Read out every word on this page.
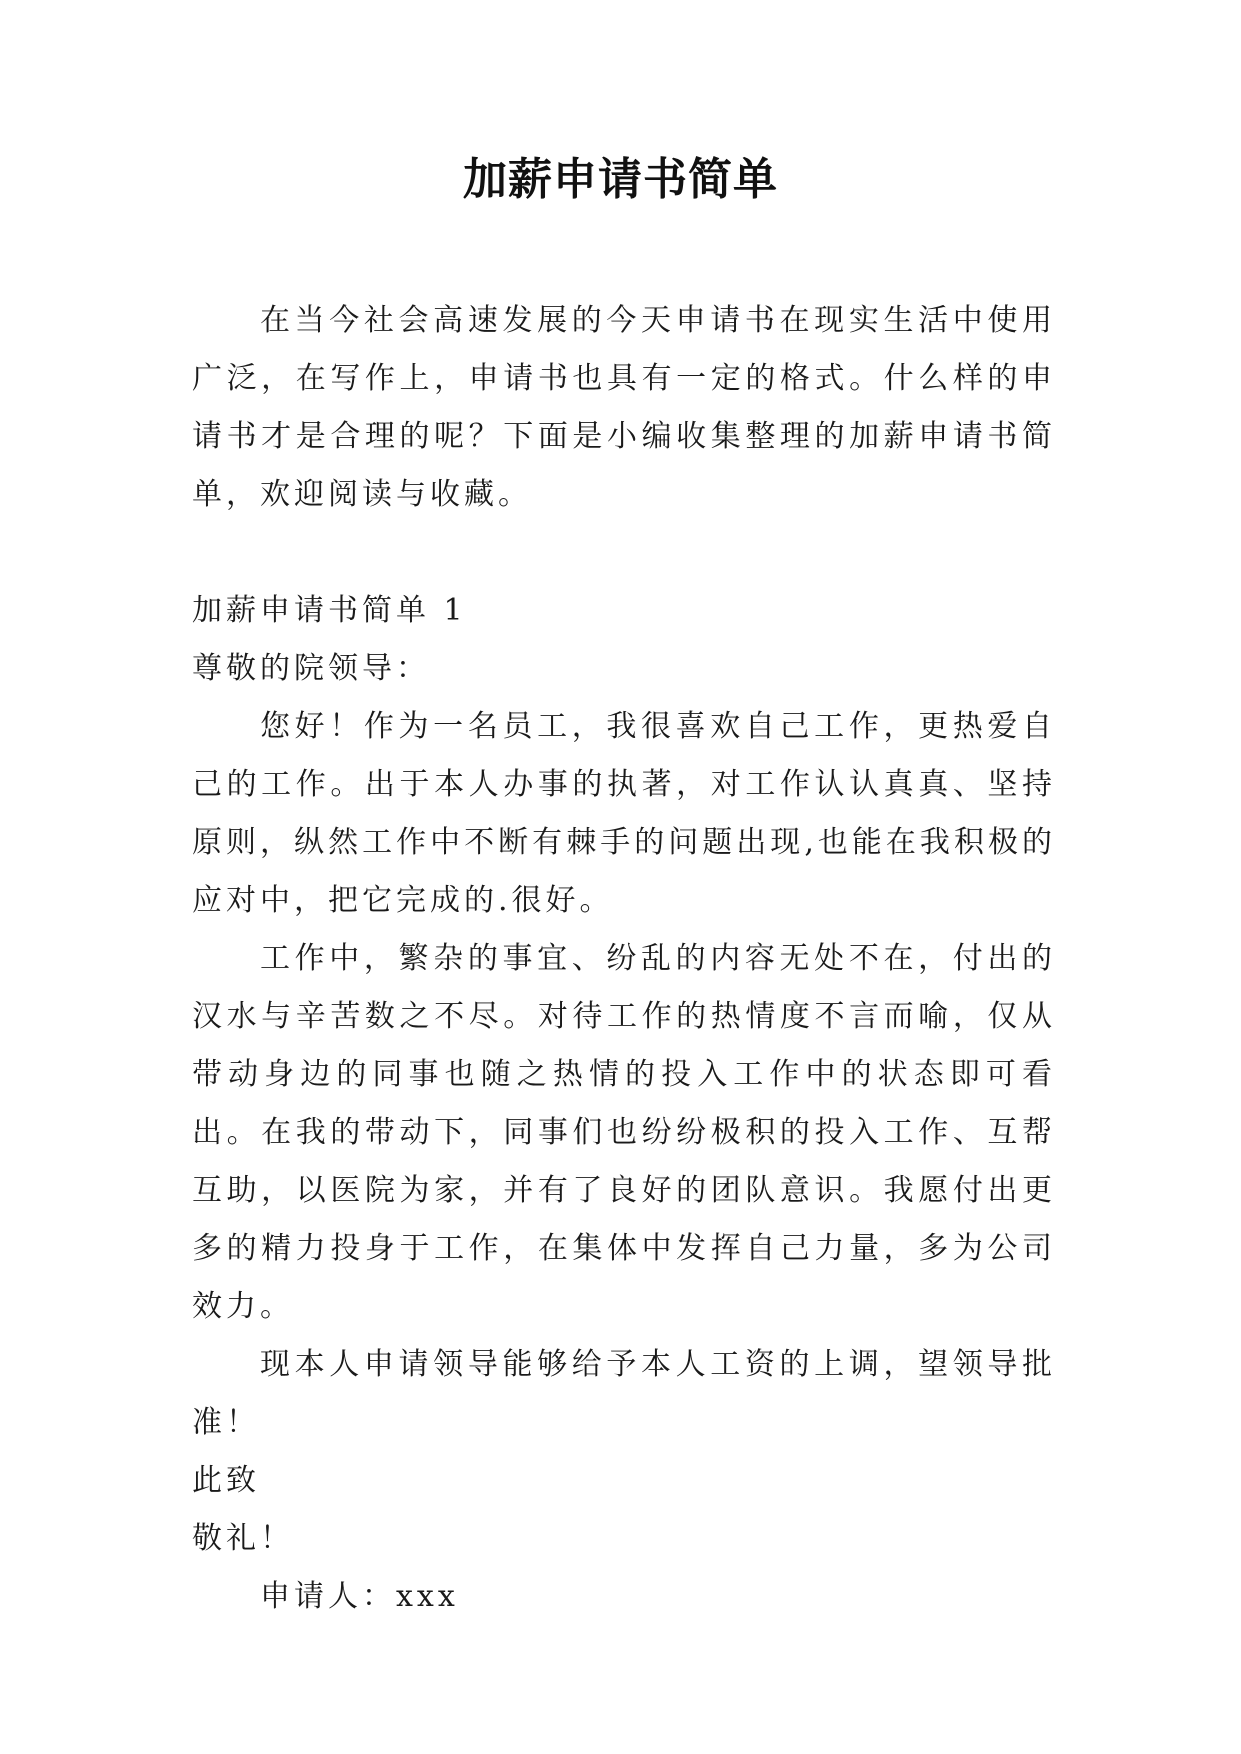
加薪申请书简单

在当今社会高速发展的今天申请书在现实生活中使用广泛，在写作上，申请书也具有一定的格式。什么样的申请书才是合理的呢？下面是小编收集整理的加薪申请书简单，欢迎阅读与收藏。

加薪申请书简单 1

尊敬的院领导：

您好！作为一名员工，我很喜欢自己工作，更热爱自己的工作。出于本人办事的执著，对工作认认真真、坚持原则，纵然工作中不断有棘手的问题出现,也能在我积极的应对中，把它完成的.很好。

工作中，繁杂的事宜、纷乱的内容无处不在，付出的汉水与辛苦数之不尽。对待工作的热情度不言而喻，仅从带动身边的同事也随之热情的投入工作中的状态即可看出。在我的带动下，同事们也纷纷极积的投入工作、互帮互助，以医院为家，并有了良好的团队意识。我愿付出更多的精力投身于工作，在集体中发挥自己力量，多为公司效力。

现本人申请领导能够给予本人工资的上调，望领导批准！

此致

敬礼！

申请人：xxx
